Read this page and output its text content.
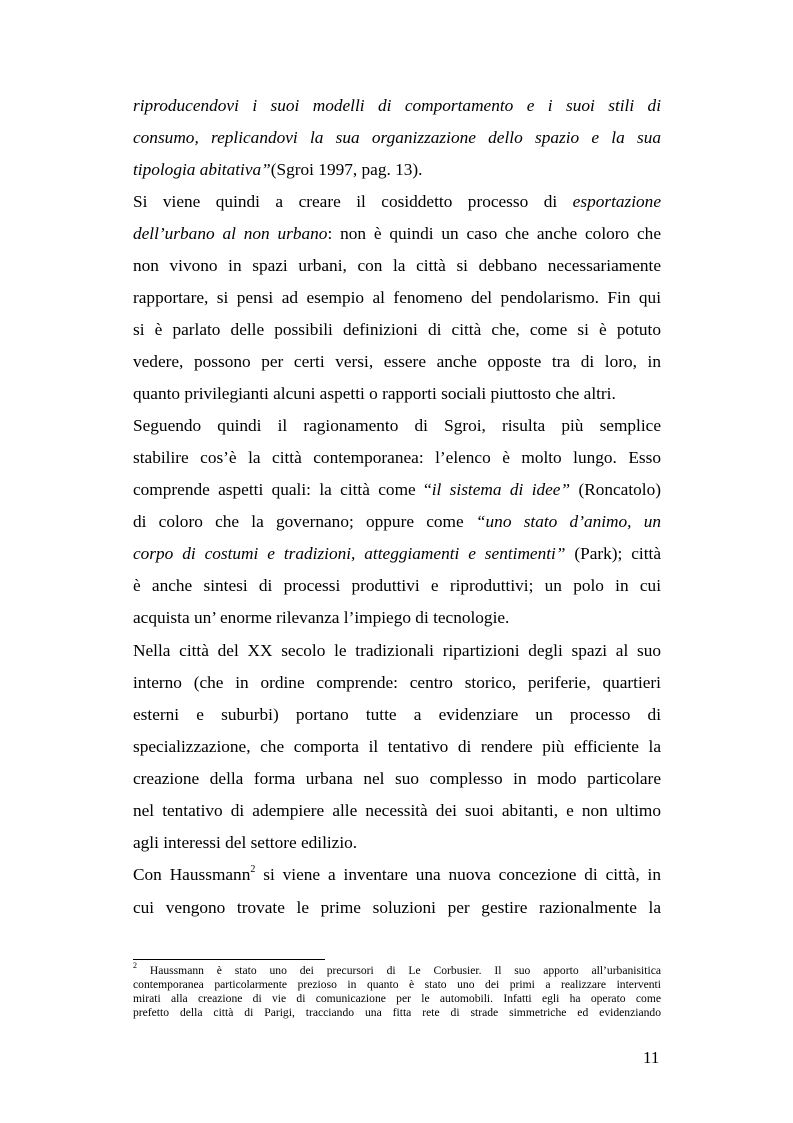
riproducendovi i suoi modelli di comportamento e i suoi stili di
consumo, replicandovi la sua organizzazione dello spazio e la sua
tipologia abitativa”(Sgroi 1997, pag. 13).
Si viene quindi a creare il cosiddetto processo di esportazione
dell’urbano al non urbano: non è quindi un caso che anche coloro che
non vivono in spazi urbani, con la città si debbano necessariamente
rapportare, si pensi ad esempio al fenomeno del pendolarismo. Fin qui
si è parlato delle possibili definizioni di città che, come si è potuto
vedere, possono per certi versi, essere anche opposte tra di loro, in
quanto privilegianti alcuni aspetti o rapporti sociali piuttosto che altri.
Seguendo quindi il ragionamento di Sgroi, risulta più semplice
stabilire cos’è la città contemporanea: l’elenco è molto lungo. Esso
comprende aspetti quali: la città come “il sistema di idee” (Roncatolo)
di coloro che la governano; oppure come “uno stato d’animo, un
corpo di costumi e tradizioni, atteggiamenti e sentimenti” (Park); città
è anche sintesi di processi produttivi e riproduttivi; un polo in cui
acquista un’ enorme rilevanza l’impiego di tecnologie.
Nella città del XX secolo le tradizionali ripartizioni degli spazi al suo
interno (che in ordine comprende: centro storico, periferie, quartieri
esterni e suburbi) portano tutte a evidenziare un processo di
specializzazione, che comporta il tentativo di rendere più efficiente la
creazione della forma urbana nel suo complesso in modo particolare
nel tentativo di adempiere alle necessità dei suoi abitanti, e non ultimo
agli interessi del settore edilizio.
Con Haussmann$^2$ si viene a inventare una nuova concezione di città, in
cui vengono trovate le prime soluzioni per gestire razionalmente la
$^2$ Haussmann è stato uno dei precursori di Le Corbusier. Il suo apporto all’urbanisitica
contemporanea particolarmente prezioso in quanto è stato uno dei primi a realizzare interventi
mirati alla creazione di vie di comunicazione per le automobili. Infatti egli ha operato come
prefetto della città di Parigi, tracciando una fitta rete di strade simmetriche ed evidenziando
11
